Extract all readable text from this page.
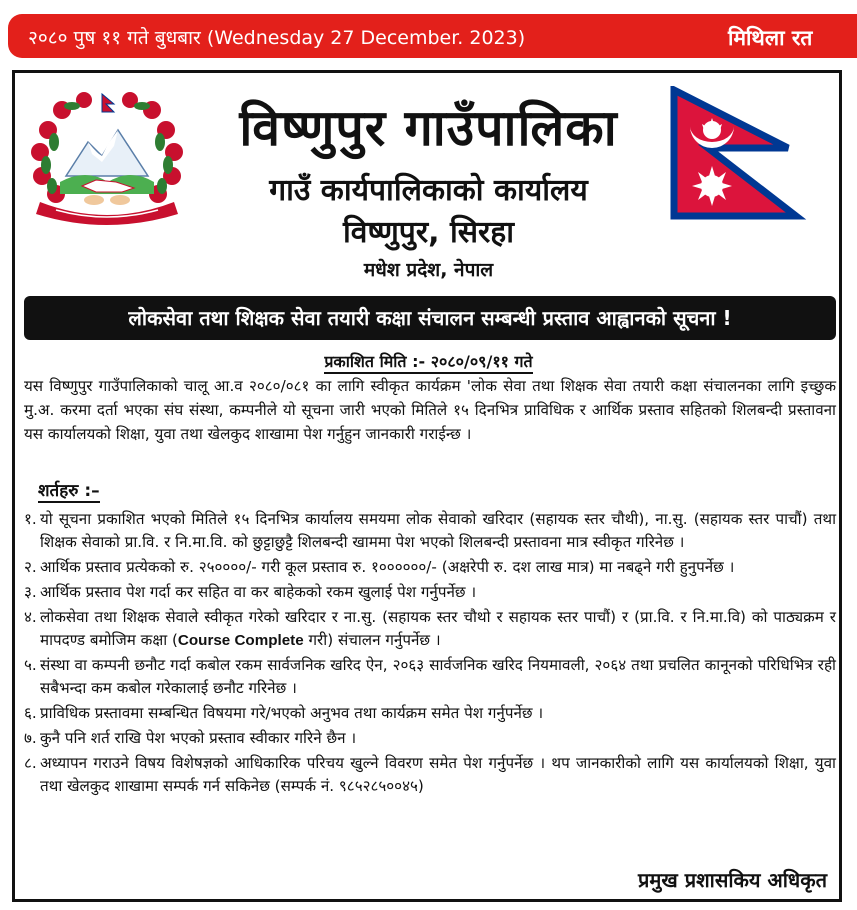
२०८० पुष ११ गते बुधबार (Wednesday 27 December. 2023)	मिथिला रत
विष्णुपुर गाउँपालिका
गाउँ कार्यपालिकाको कार्यालय
विष्णुपुर, सिरहा
मधेश प्रदेश, नेपाल
लोकसेवा तथा शिक्षक सेवा तयारी कक्षा संचालन सम्बन्धी प्रस्ताव आह्वानको सूचना !
प्रकाशित मिति :- २०८०/०९/११ गते
यस विष्णुपुर गाउँपालिकाको चालू आ.व २०८०/०८१ का लागि स्वीकृत कार्यक्रम 'लोक सेवा तथा शिक्षक सेवा तयारी कक्षा संचालनका लागि इच्छुक मु.अ. करमा दर्ता भएका संघ संस्था, कम्पनीले यो सूचना जारी भएको मितिले १५ दिनभित्र प्राविधिक र आर्थिक प्रस्ताव सहितको शिलबन्दी प्रस्तावना यस कार्यालयको शिक्षा, युवा तथा खेलकुद शाखामा पेश गर्नुहुन जानकारी गराईन्छ ।
शर्तहरु :–
१. यो सूचना प्रकाशित भएको मितिले १५ दिनभित्र कार्यालय समयमा लोक सेवाको खरिदार (सहायक स्तर चौथी), ना.सु. (सहायक स्तर पाचौं) तथा शिक्षक सेवाको प्रा.वि. र नि.मा.वि. को छुट्टाछुट्टै शिलबन्दी खाममा पेश भएको शिलबन्दी प्रस्तावना मात्र स्वीकृत गरिनेछ ।
२. आर्थिक प्रस्ताव प्रत्येकको रु. २५००००/- गरी कूल प्रस्ताव रु. १००००००/- (अक्षरेपी रु. दश लाख मात्र) मा नबढ्ने गरी हुनुपर्नेछ ।
३. आर्थिक प्रस्ताव पेश गर्दा कर सहित वा कर बाहेकको रकम खुलाई पेश गर्नुपर्नेछ ।
४. लोकसेवा तथा शिक्षक सेवाले स्वीकृत गरेको खरिदार र ना.सु. (सहायक स्तर चौथो र सहायक स्तर पाचौं) र (प्रा.वि. र नि.मा.वि) को पाठ्यक्रम र मापदण्ड बमोजिम कक्षा (Course Complete गरी) संचालन गर्नुपर्नेछ ।
५. संस्था वा कम्पनी छनौट गर्दा कबोल रकम सार्वजनिक खरिद ऐन, २०६३ सार्वजनिक खरिद नियमावली, २०६४ तथा प्रचलित कानूनको परिधिभित्र रही सबैभन्दा कम कबोल गरेकालाई छनौट गरिनेछ ।
६. प्राविधिक प्रस्तावमा सम्बन्धित विषयमा गरे/भएको अनुभव तथा कार्यक्रम समेत पेश गर्नुपर्नेछ ।
७. कुनै पनि शर्त राखि पेश भएको प्रस्ताव स्वीकार गरिने छैन ।
८. अध्यापन गराउने विषय विशेषज्ञको आधिकारिक परिचय खुल्ने विवरण समेत पेश गर्नुपर्नेछ । थप जानकारीको लागि यस कार्यालयको शिक्षा, युवा तथा खेलकुद शाखामा सम्पर्क गर्न सकिनेछ (सम्पर्क नं. ९८५२८५००४५)
प्रमुख प्रशासकिय अधिकृत
